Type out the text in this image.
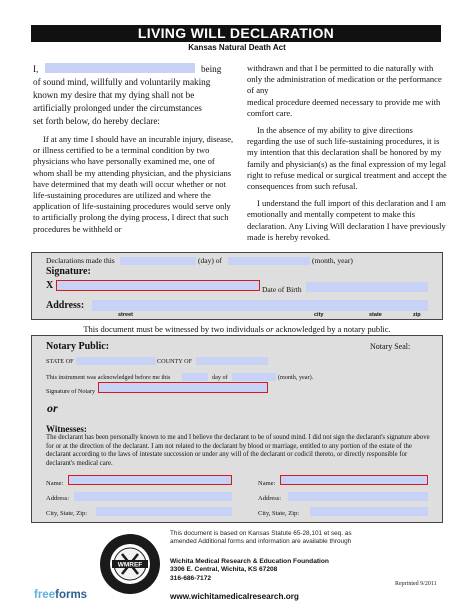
LIVING WILL DECLARATION
Kansas Natural Death Act

I,	being

of sound mind, willfully and voluntarily making

known my desire that my dying shall not be

artificially prolonged under the circumstances

set forth below, do hereby declare:

If at any time I should have an incurable injury, disease, or illness certified to be a terminal condition by two physicians who have personally examined me, one of whom shall be my attending physician, and the physicians have determined that my death will occur whether or not life-sustaining procedures are utilized and where the application of life-sustaining procedures would serve only to artificially prolong the dying process, I direct that such procedures be withheld or

withdrawn and that I be permitted to die naturally with only the administration of medication or the performance of any

medical procedure deemed necessary to provide me with comfort care.

In the absence of my ability to give directions regarding the use of such life-sustaining procedures, it is my intention that this declaration shall be honored by my family and physician(s) as the final expression of my legal right to refuse medical or surgical treatment and accept the consequences from such refusal.

I understand the full import of this declaration and I am emotionally and mentally competent to make this declaration. Any Living Will declaration I have previously made is hereby revoked.

Declarations made this	(day) of	(month, year)
Signature:
X	Date of Birth
Address:
street	city	state	zip
This document must be witnessed by two individuals or acknowledged by a notary public.
Notary Public:	Notary Seal:
STATE OF	COUNTY OF
This instrument was acknowledged before me this	day of	(month, year).
Signature of Notary
or
Witnesses:
The declarant has been personally known to me and I believe the declarant to be of sound mind. I did not sign the declarant's signature above for or at the direction of the declarant. I am not related to the declarant by blood or marriage, entitled to any portion of the estate of the declarant according to the laws of intestate succession or under any will of the declarant or codicil thereto, or directly responsible for declarant's medical care.
Name:
Address:
City, State, Zip:
Name:
Address:
City, State, Zip:
WMREF
This document is based on Kansas Statute 65-28,101 et seq. as
amended Additional forms and information are available through
Wichita Medical Research & Education Foundation
3306 E. Central, Wichita, KS 67208
316-686-7172
Reprinted 9/2011
www.wichitamedicalresearch.org
freeforms
